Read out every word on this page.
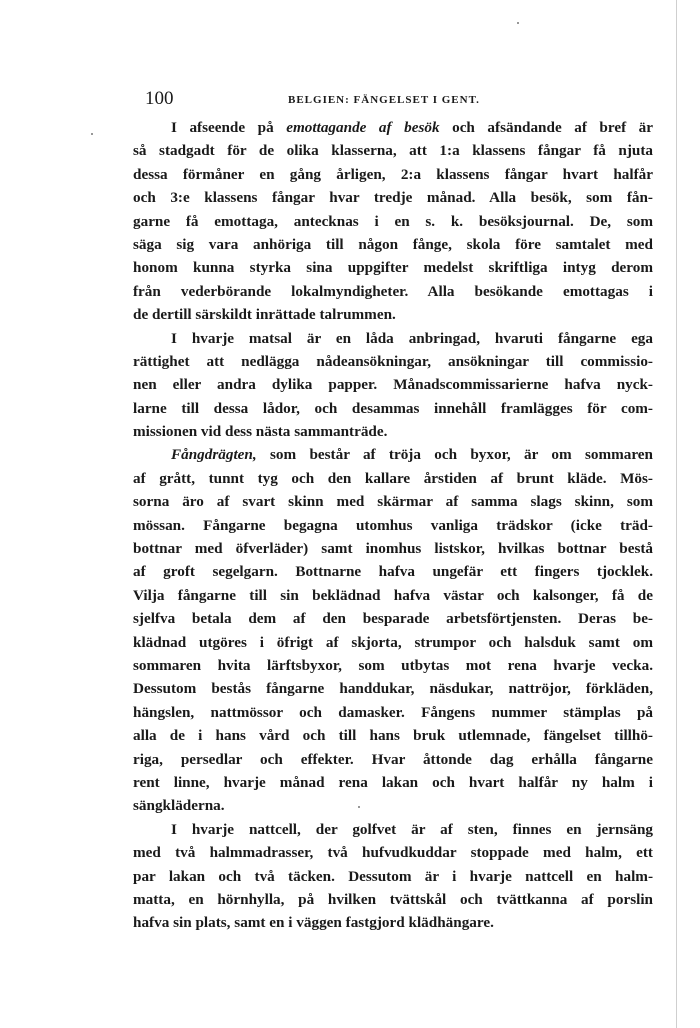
100	BELGIEN: FÄNGELSET I GENT.
I afseende på emottagande af besök och afsändande af bref är
så stadgadt för de olika klasserna, att 1:a klassens fångar få njuta
dessa förmåner en gång årligen, 2:a klassens fångar hvart halfår
och 3:e klassens fångar hvar tredje månad. Alla besök, som fån-
garne få emottaga, antecknas i en s. k. besöksjournal. De, som
säga sig vara anhöriga till någon fånge, skola före samtalet med
honom kunna styrka sina uppgifter medelst skriftliga intyg derom
från vederbörande lokalmyndigheter. Alla besökande emottagas i
de dertill särskildt inrättade talrummen.
I hvarje matsal är en låda anbringad, hvaruti fångarne ega
rättighet att nedlägga nådeansökningar, ansökningar till commissio-
nen eller andra dylika papper. Månadscommissarierne hafva nyck-
larne till dessa lådor, och desammas innehåll framlägges för com-
missionen vid dess nästa sammanträde.
Fångdrägten, som består af tröja och byxor, är om sommaren
af grått, tunnt tyg och den kallare årstiden af brunt kläde. Mös-
sorna äro af svart skinn med skärmar af samma slags skinn, som
mössan. Fångarne begagna utomhus vanliga trädskor (icke träd-
bottnar med öfverläder) samt inomhus listskor, hvilkas bottnar bestå
af groft segelgarn. Bottnarne hafva ungefär ett fingers tjocklek.
Vilja fångarne till sin beklädnad hafva västar och kalsonger, få de
sjelfva betala dem af den besparade arbetsförtjensten. Deras be-
klädnad utgöres i öfrigt af skjorta, strumpor och halsduk samt om
sommaren hvita lärftsbyxor, som utbytas mot rena hvarje vecka.
Dessutom bestås fångarne handdukar, näsdukar, nattröjor, förkläden,
hängslen, nattmössor och damasker. Fångens nummer stämplas på
alla de i hans vård och till hans bruk utlemnade, fängelset tillhö-
riga, persedlar och effekter. Hvar åttonde dag erhålla fångarne
rent linne, hvarje månad rena lakan och hvart halfår ny halm i
sängkläderna.
I hvarje nattcell, der golfvet är af sten, finnes en jernsäng
med två halmmadrasser, två hufvudkuddar stoppade med halm, ett
par lakan och två täcken. Dessutom är i hvarje nattcell en halm-
matta, en hörnhylla, på hvilken tvättskål och tvättkanna af porslin
hafva sin plats, samt en i väggen fastgjord klädhängare.
